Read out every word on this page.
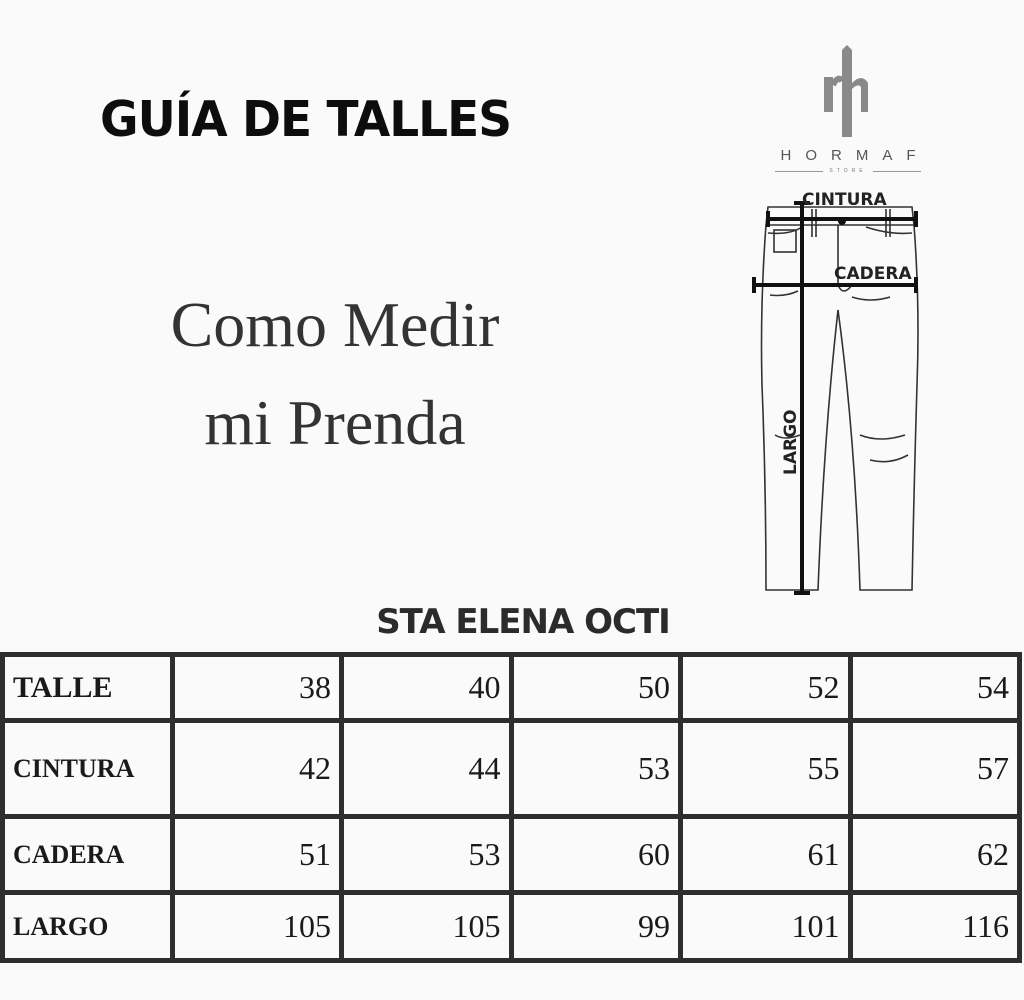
GUÍA DE TALLES
Como Medir
mi Prenda
HORMAF
STORE
CINTURA
CADERA
LARGO
STA ELENA OCTI
TALLE	38	40	50	52	54
CINTURA	42	44	53	55	57
CADERA	51	53	60	61	62
LARGO	105	105	99	101	116
